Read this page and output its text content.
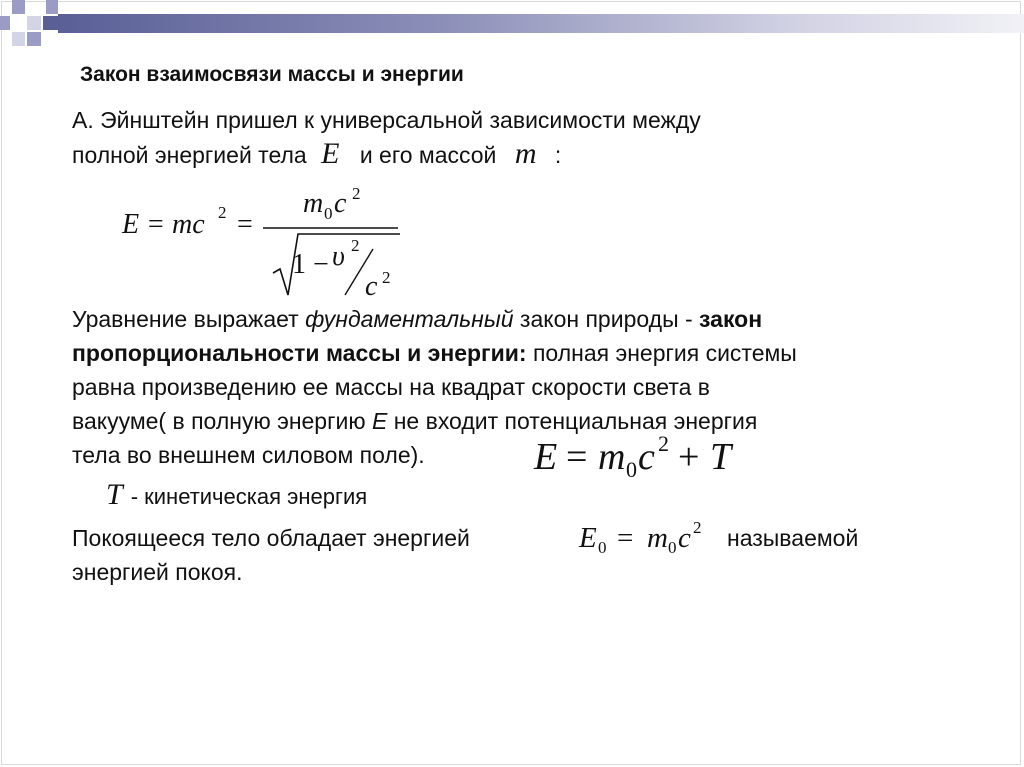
Закон взаимосвязи массы и энергии
А. Эйнштейн пришел к универсальной зависимости между
полной энергией тела E и его массой m :
E = mc 2 =
m 0 c 2
1 − υ 2
c 2
Уравнение выражает фундаментальный закон природы - закон
пропорциональности массы и энергии: полная энергия системы
равна произведению ее массы на квадрат скорости света в
вакууме( в полную энергию Е не входит потенциальная энергия
тела во внешнем силовом поле).	E = m 0 c 2 + T
T - кинетическая энергия
Покоящееся тело обладает энергией	E 0 = m 0 c 2 называемой
энергией покоя.
